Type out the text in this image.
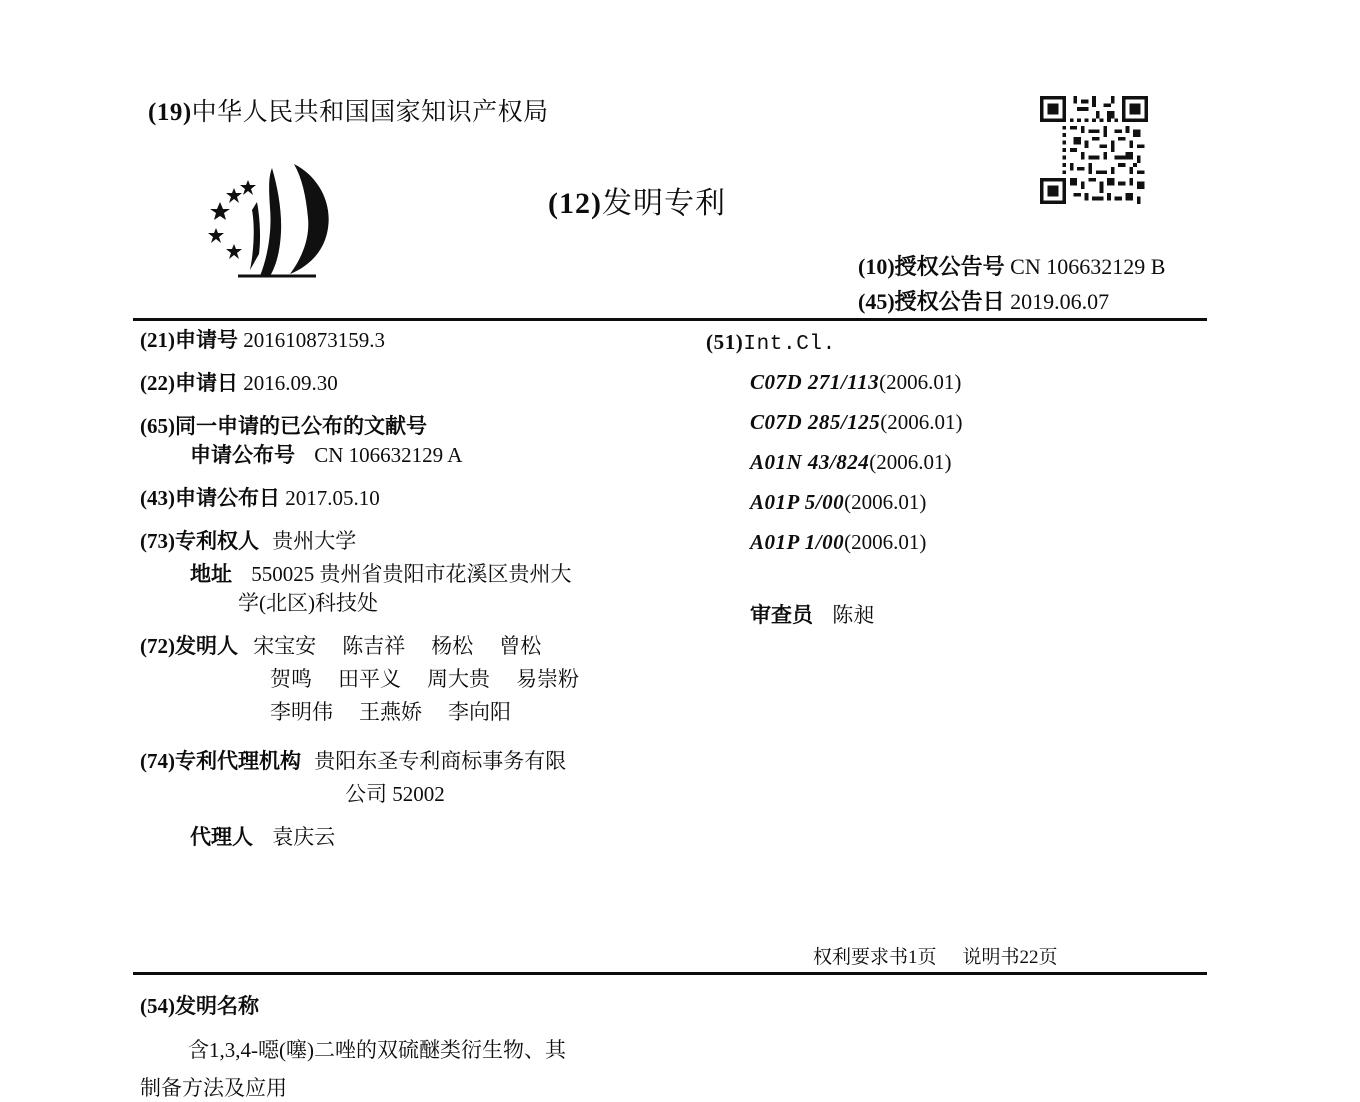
(19)中华人民共和国国家知识产权局
(10)授权公告号 CN 106632129 B
(45)授权公告日 2019.06.07
(12)发明专利
(21)申请号 201610873159.3
(22)申请日 2016.09.30
(65)同一申请的已公布的文献号
申请公布号 CN 106632129 A
(43)申请公布日 2017.05.10
(73)专利权人 贵州大学
地址 550025 贵州省贵阳市花溪区贵州大
学(北区)科技处
(72)发明人 宋宝安 陈吉祥 杨松 曾松
贺鸣 田平义 周大贵 易崇粉
李明伟 王燕娇 李向阳
(74)专利代理机构 贵阳东圣专利商标事务有限
公司 52002
代理人 袁庆云
(51)Int.Cl.
C07D 271/113(2006.01)
C07D 285/125(2006.01)
A01N 43/824(2006.01)
A01P 5/00(2006.01)
A01P 1/00(2006.01)
审查员 陈昶
权利要求书1页 说明书22页
(54)发明名称
含1,3,4-噁(噻)二唑的双硫醚类衍生物、其
制备方法及应用
